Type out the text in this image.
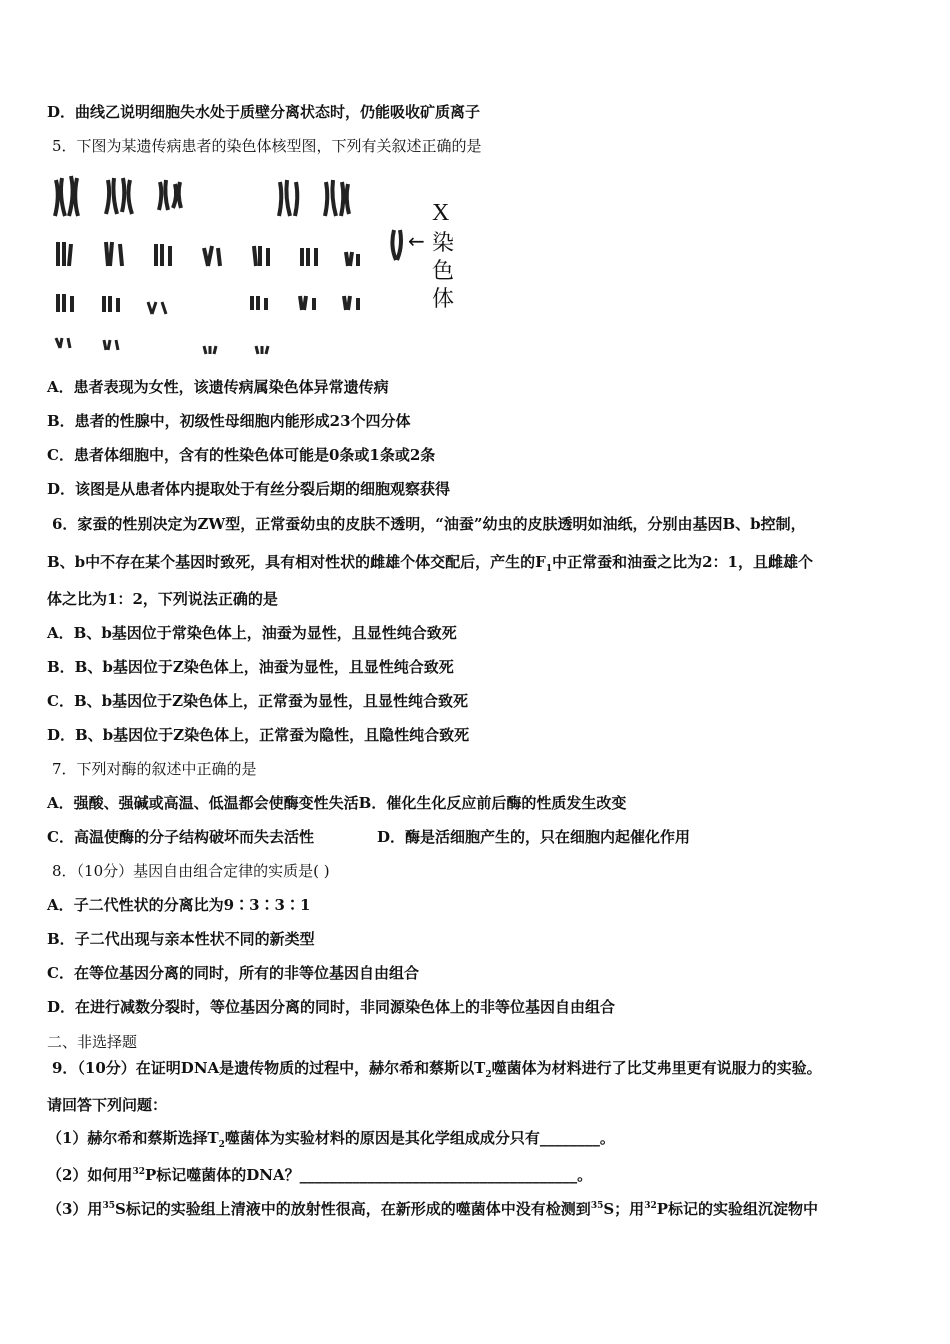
D．曲线乙说明细胞失水处于质壁分离状态时，仍能吸收矿质离子
5．下图为某遗传病患者的染色体核型图，下列有关叙述正确的是
X
← 染
色
体
A．患者表现为女性，该遗传病属染色体异常遗传病
B．患者的性腺中，初级性母细胞内能形成23个四分体
C．患者体细胞中，含有的性染色体可能是0条或1条或2条
D．该图是从患者体内提取处于有丝分裂后期的细胞观察获得
6．家蚕的性别决定为ZW型，正常蚕幼虫的皮肤不透明，“油蚕”幼虫的皮肤透明如油纸，分别由基因B、b控制，
B、b中不存在某个基因时致死，具有相对性状的雌雄个体交配后，产生的$F_1$中正常蚕和油蚕之比为2：1，且雌雄个
体之比为1：2，下列说法正确的是
A．B、b基因位于常染色体上，油蚕为显性，且显性纯合致死
B．B、b基因位于Z染色体上，油蚕为显性，且显性纯合致死
C．B、b基因位于Z染色体上，正常蚕为显性，且显性纯合致死
D．B、b基因位于Z染色体上，正常蚕为隐性，且隐性纯合致死
7．下列对酶的叙述中正确的是
A．强酸、强碱或高温、低温都会使酶变性失活B．催化生化反应前后酶的性质发生改变
C．高温使酶的分子结构破坏而失去活性	D．酶是活细胞产生的，只在细胞内起催化作用
8．（10分）基因自由组合定律的实质是( )
A．子二代性状的分离比为9∶3∶3∶1
B．子二代出现与亲本性状不同的新类型
C．在等位基因分离的同时，所有的非等位基因自由组合
D．在进行减数分裂时，等位基因分离的同时，非同源染色体上的非等位基因自由组合
二、非选择题
9．（10分）在证明DNA是遗传物质的过程中，赫尔希和蔡斯以$T_2$噬菌体为材料进行了比艾弗里更有说服力的实验。
请回答下列问题：
（1）赫尔希和蔡斯选择$T_2$噬菌体为实验材料的原因是其化学组成成分只有________。
（2）如何用$^{32}$P标记噬菌体的DNA？_____________________________________。
（3）用$^{35}$S标记的实验组上清液中的放射性很高，在新形成的噬菌体中没有检测到$^{35}$S；用$^{32}$P标记的实验组沉淀物中
